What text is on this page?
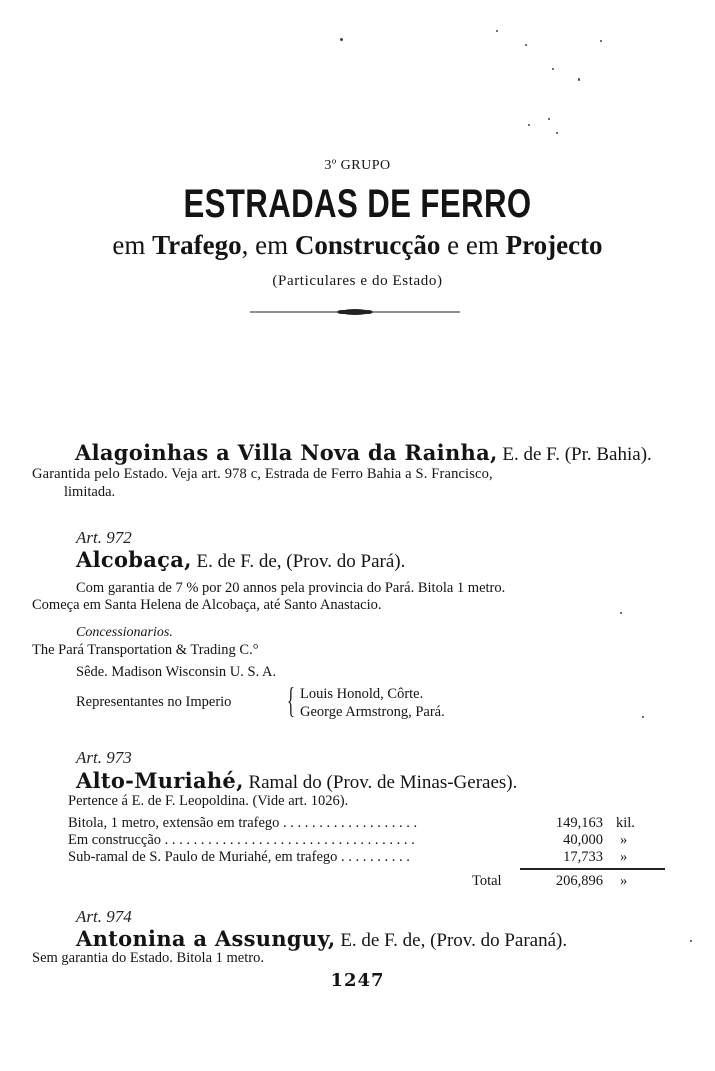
3º GRUPO
ESTRADAS DE FERRO
em Trafego, em Construcção e em Projecto
(Particulares e do Estado)
Alagoinhas a Villa Nova da Rainha, E. de F. (Pr. Bahia).
Garantida pelo Estado. Veja art. 978 c, Estrada de Ferro Bahia a S. Francisco,
limitada.
Art. 972
Alcobaça, E. de F. de, (Prov. do Pará).
Com garantia de 7 % por 20 annos pela provincia do Pará. Bitola 1 metro.
Começa em Santa Helena de Alcobaça, até Santo Anastacio.
Concessionarios.
The Pará Transportation & Trading C.°
Sêde. Madison Wisconsin U. S. A.
Representantes no Imperio { Louis Honold, Côrte.
George Armstrong, Pará.
Art. 973
Alto-Muriahé, Ramal do (Prov. de Minas-Geraes).
Pertence á E. de F. Leopoldina. (Vide art. 1026).
Bitola, 1 metro, extensão em trafego . . . . . . . . . . . . . . . . . . .	149,163 kil.
Em construcção . . . . . . . . . . . . . . . . . . . . . . . . . . . . . . . . . . .	40,000 »
Sub-ramal de S. Paulo de Muriahé, em trafego . . . . . . . . . .	17,733 »
Total	206,896 »
Art. 974
Antonina a Assunguy, E. de F. de, (Prov. do Paraná).
Sem garantia do Estado. Bitola 1 metro.
1247
